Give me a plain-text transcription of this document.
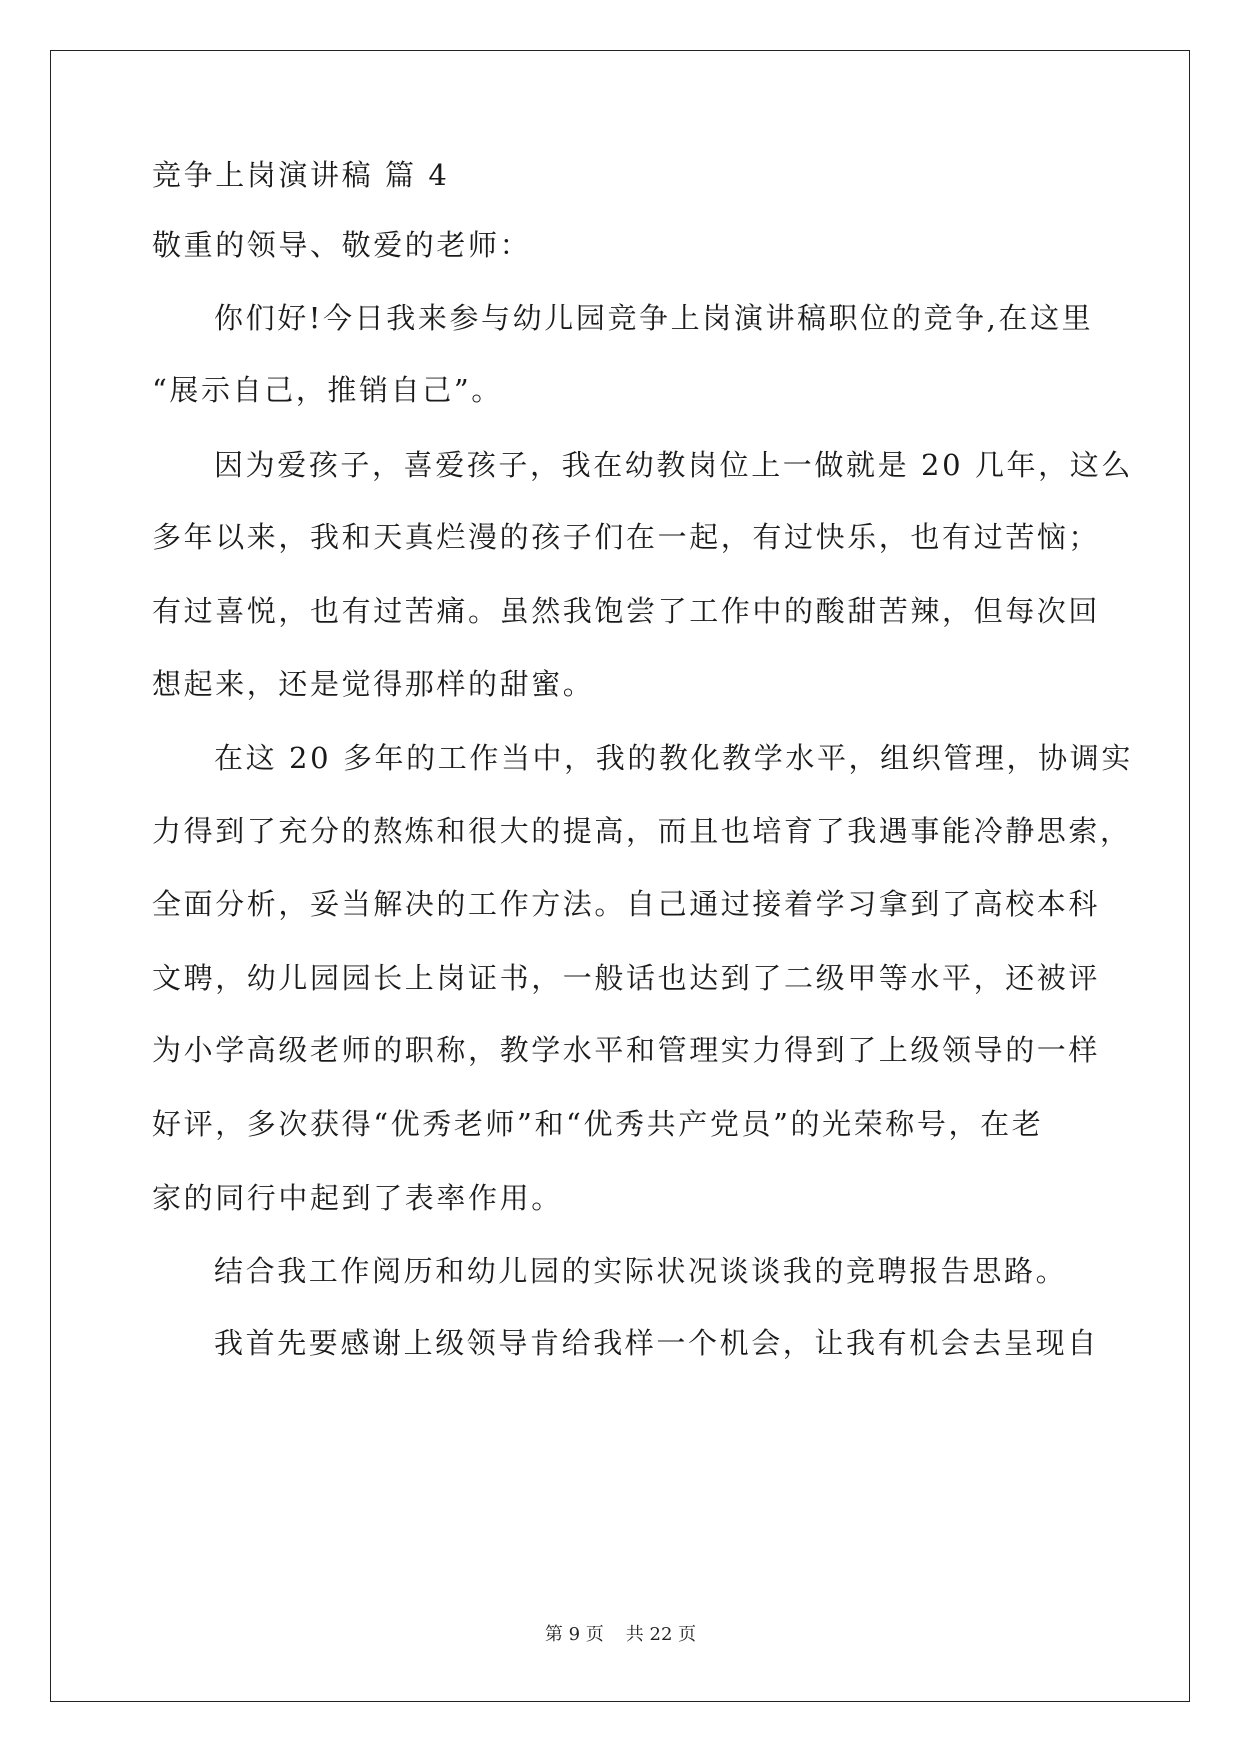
竞争上岗演讲稿 篇 4
敬重的领导、敬爱的老师：
你们好!今日我来参与幼儿园竞争上岗演讲稿职位的竞争,在这里
“展示自己，推销自己”。
因为爱孩子，喜爱孩子，我在幼教岗位上一做就是 20 几年，这么
多年以来，我和天真烂漫的孩子们在一起，有过快乐，也有过苦恼；
有过喜悦，也有过苦痛。虽然我饱尝了工作中的酸甜苦辣，但每次回
想起来，还是觉得那样的甜蜜。
在这 20 多年的工作当中，我的教化教学水平，组织管理，协调实
力得到了充分的熬炼和很大的提高，而且也培育了我遇事能冷静思索，
全面分析，妥当解决的工作方法。自己通过接着学习拿到了高校本科
文聘，幼儿园园长上岗证书，一般话也达到了二级甲等水平，还被评
为小学高级老师的职称，教学水平和管理实力得到了上级领导的一样
好评，多次获得“优秀老师”和“优秀共产党员”的光荣称号，在老
家的同行中起到了表率作用。
结合我工作阅历和幼儿园的实际状况谈谈我的竞聘报告思路。
我首先要感谢上级领导肯给我样一个机会，让我有机会去呈现自
第 9 页 共 22 页
